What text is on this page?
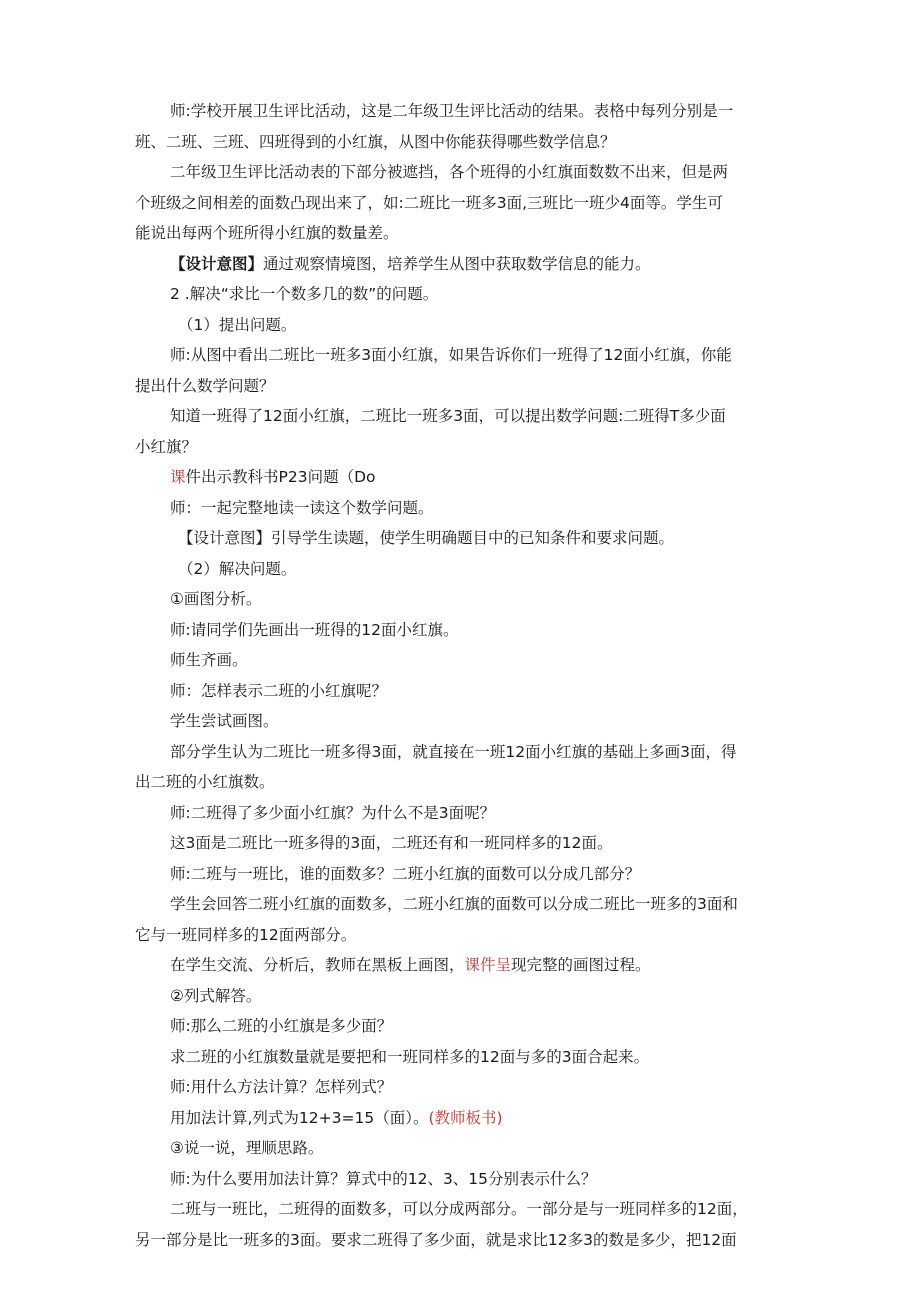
师:学校开展卫生评比活动，这是二年级卫生评比活动的结果。表格中每列分别是一

班、二班、三班、四班得到的小红旗，从图中你能获得哪些数学信息？

二年级卫生评比活动表的下部分被遮挡，各个班得的小红旗面数数不出来，但是两

个班级之间相差的面数凸现出来了，如:二班比一班多3面,三班比一班少4面等。学生可

能说出每两个班所得小红旗的数量差。

【设计意图】通过观察情境图，培养学生从图中获取数学信息的能力。

2 .解决“求比一个数多几的数”的问题。

（1）提出问题。

师:从图中看出二班比一班多3面小红旗，如果告诉你们一班得了12面小红旗，你能

提出什么数学问题？

知道一班得了12面小红旗，二班比一班多3面，可以提出数学问题:二班得T多少面

小红旗？

课件出示教科书P23问题（Do

师：一起完整地读一读这个数学问题。

【设计意图】引导学生读题，使学生明确题目中的已知条件和要求问题。

（2）解决问题。

①画图分析。

师:请同学们先画出一班得的12面小红旗。

师生齐画。

师：怎样表示二班的小红旗呢？

学生尝试画图。

部分学生认为二班比一班多得3面，就直接在一班12面小红旗的基础上多画3面，得

出二班的小红旗数。

师:二班得了多少面小红旗？为什么不是3面呢？

这3面是二班比一班多得的3面，二班还有和一班同样多的12面。

师:二班与一班比，谁的面数多？二班小红旗的面数可以分成几部分？

学生会回答二班小红旗的面数多，二班小红旗的面数可以分成二班比一班多的3面和

它与一班同样多的12面两部分。

在学生交流、分析后，教师在黑板上画图，课件呈现完整的画图过程。

②列式解答。

师:那么二班的小红旗是多少面？

求二班的小红旗数量就是要把和一班同样多的12面与多的3面合起来。

师:用什么方法计算？怎样列式？

用加法计算,列式为12+3=15（面）。(教师板书)

③说一说，理顺思路。

师:为什么要用加法计算？算式中的12、3、15分别表示什么？

二班与一班比，二班得的面数多，可以分成两部分。一部分是与一班同样多的12面，

另一部分是比一班多的3面。要求二班得了多少面，就是求比12多3的数是多少，把12面
